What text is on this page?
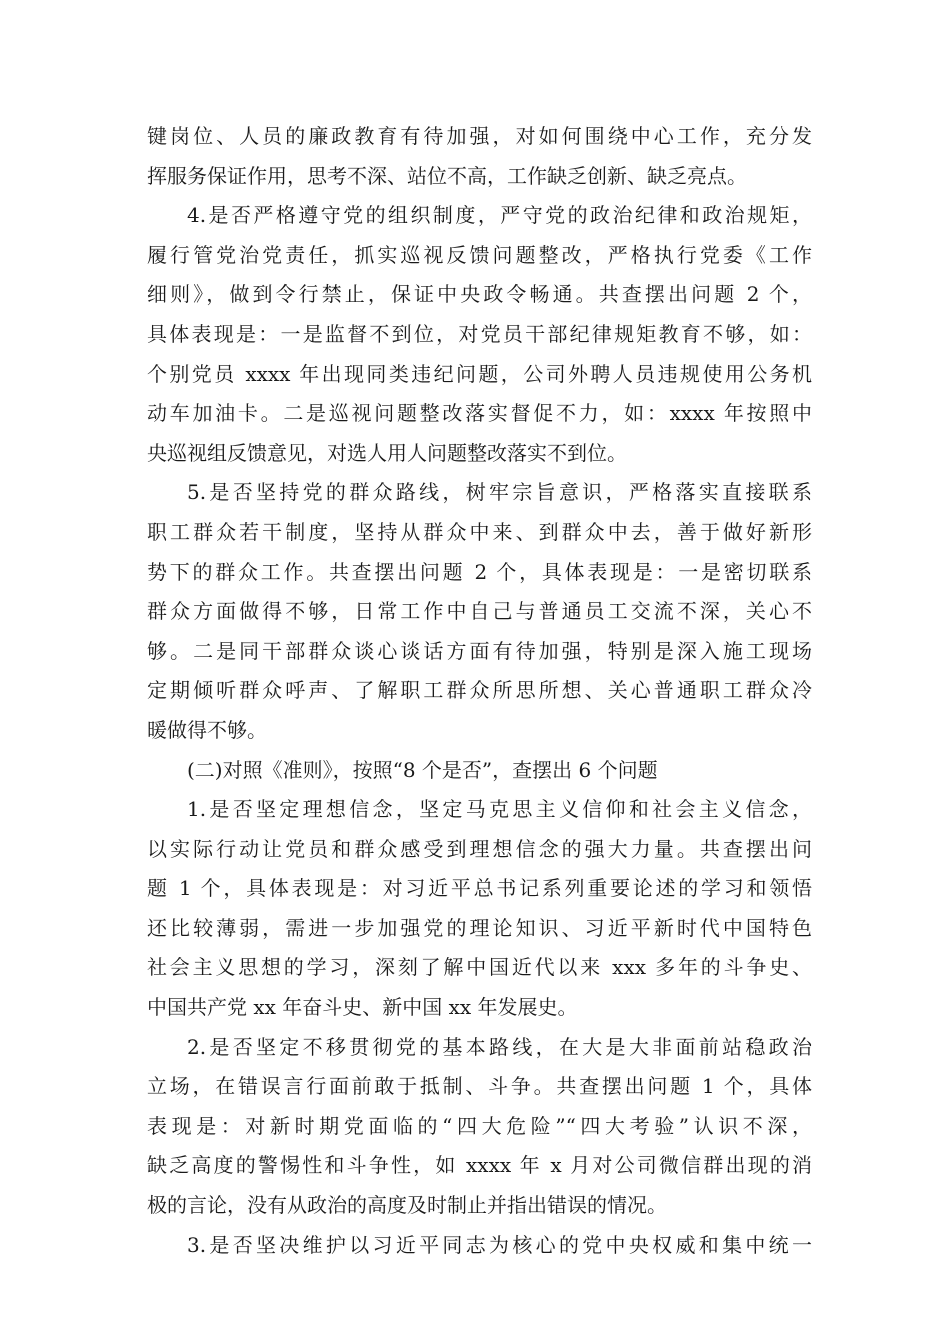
键岗位、人员的廉政教育有待加强，对如何围绕中心工作，充分发
挥服务保证作用，思考不深、站位不高，工作缺乏创新、缺乏亮点。
4.是否严格遵守党的组织制度，严守党的政治纪律和政治规矩，
履行管党治党责任，抓实巡视反馈问题整改，严格执行党委《工作
细则》，做到令行禁止，保证中央政令畅通。共查摆出问题 2 个，
具体表现是：一是监督不到位，对党员干部纪律规矩教育不够，如：
个别党员 xxxx 年出现同类违纪问题，公司外聘人员违规使用公务机
动车加油卡。二是巡视问题整改落实督促不力，如：xxxx 年按照中
央巡视组反馈意见，对选人用人问题整改落实不到位。
5.是否坚持党的群众路线，树牢宗旨意识，严格落实直接联系
职工群众若干制度，坚持从群众中来、到群众中去，善于做好新形
势下的群众工作。共查摆出问题 2 个，具体表现是：一是密切联系
群众方面做得不够，日常工作中自己与普通员工交流不深，关心不
够。二是同干部群众谈心谈话方面有待加强，特别是深入施工现场
定期倾听群众呼声、了解职工群众所思所想、关心普通职工群众冷
暖做得不够。
(二)对照《准则》，按照“8 个是否”，查摆出 6 个问题
1.是否坚定理想信念，坚定马克思主义信仰和社会主义信念，
以实际行动让党员和群众感受到理想信念的强大力量。共查摆出问
题 1 个，具体表现是：对习近平总书记系列重要论述的学习和领悟
还比较薄弱，需进一步加强党的理论知识、习近平新时代中国特色
社会主义思想的学习，深刻了解中国近代以来 xxx 多年的斗争史、
中国共产党 xx 年奋斗史、新中国 xx 年发展史。
2.是否坚定不移贯彻党的基本路线，在大是大非面前站稳政治
立场，在错误言行面前敢于抵制、斗争。共查摆出问题 1 个，具体
表现是：对新时期党面临的“四大危险”“四大考验”认识不深，
缺乏高度的警惕性和斗争性，如 xxxx 年 x 月对公司微信群出现的消
极的言论，没有从政治的高度及时制止并指出错误的情况。
3.是否坚决维护以习近平同志为核心的党中央权威和集中统一
